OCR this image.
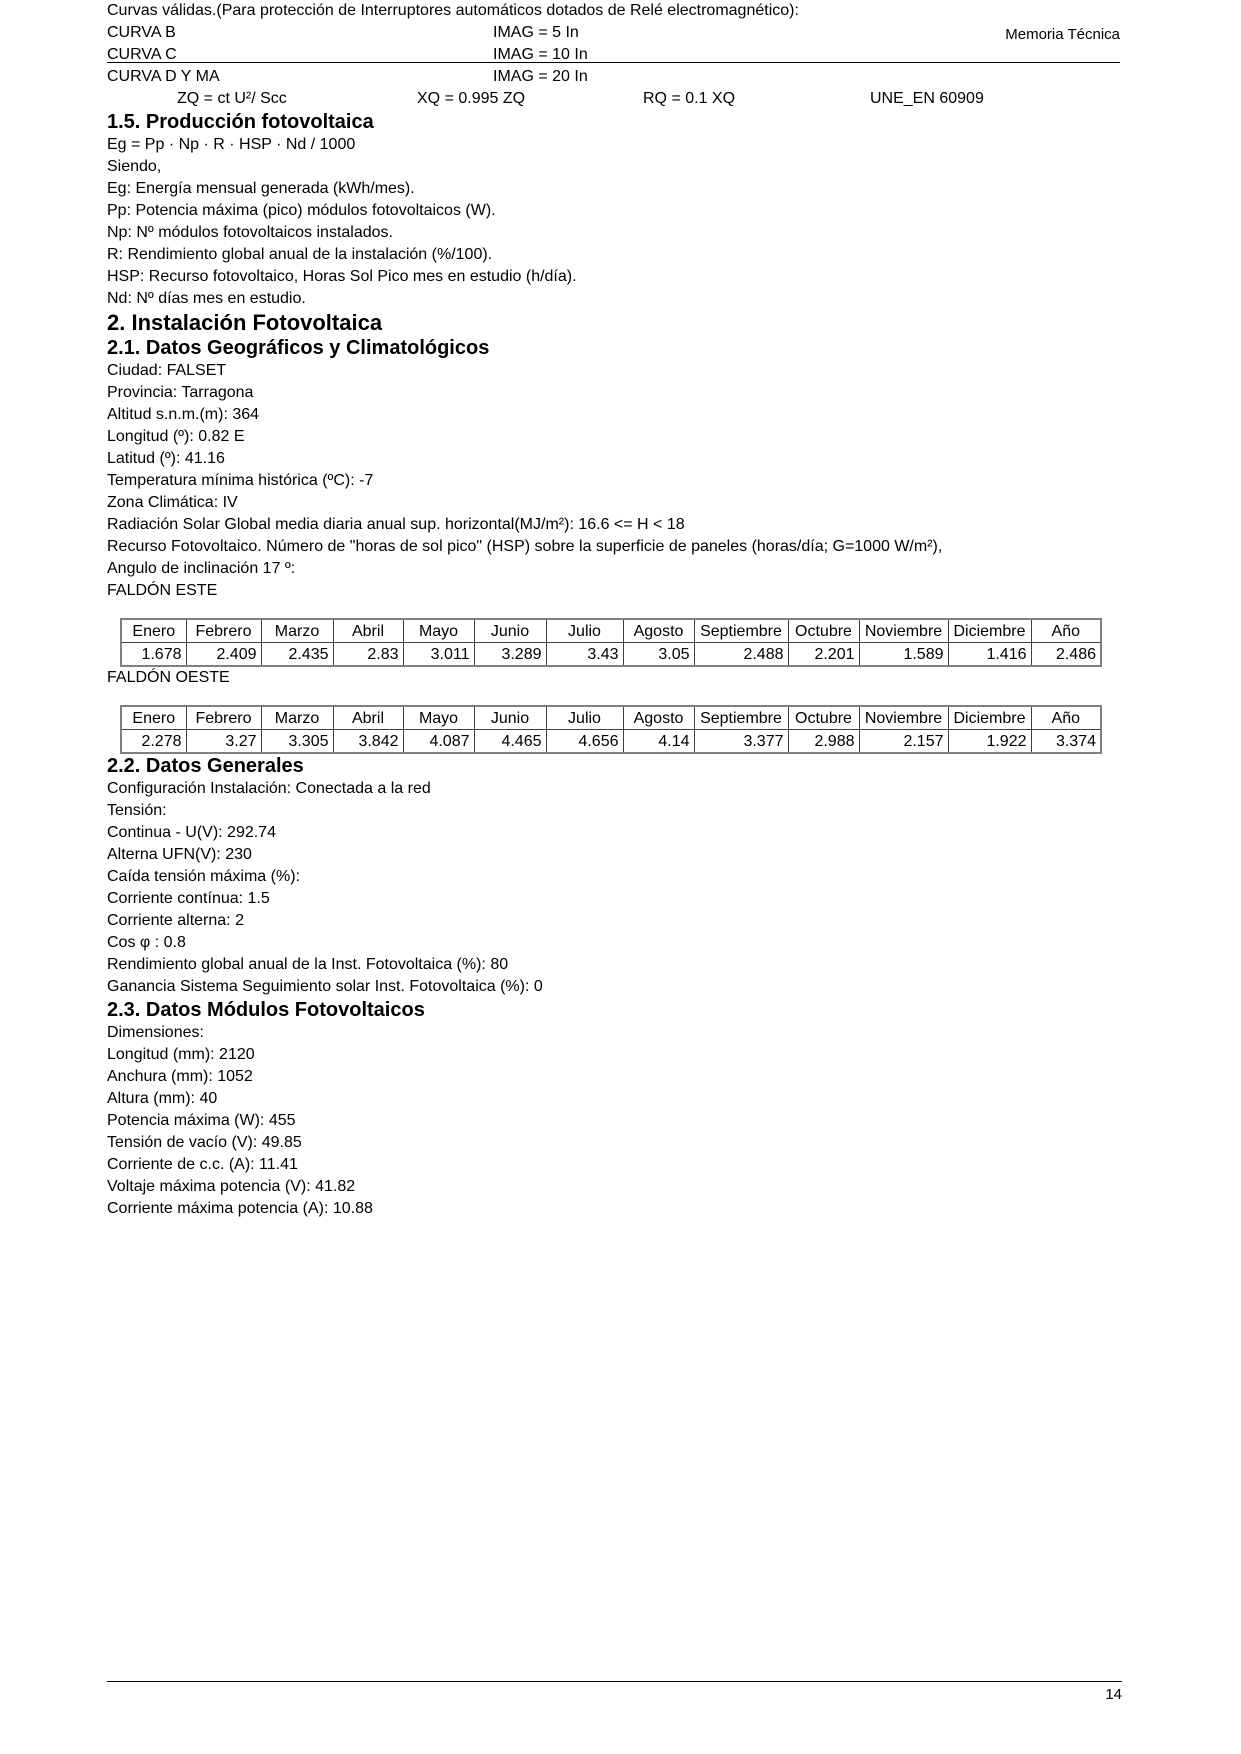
Memoria Técnica

Curvas válidas.(Para protección de Interruptores automáticos dotados de Relé electromagnético):

CURVA B	IMAG = 5 In
CURVA C	IMAG = 10 In
CURVA D Y MA	IMAG = 20 In
ZQ = ct U²/ Scc	XQ = 0.995 ZQ	RQ = 0.1 XQ	UNE_EN 60909
1.5. Producción fotovoltaica

Eg = Pp · Np · R · HSP · Nd / 1000

Siendo,
Eg: Energía mensual generada (kWh/mes).
Pp: Potencia máxima (pico) módulos fotovoltaicos (W).
Np: Nº módulos fotovoltaicos instalados.
R: Rendimiento global anual de la instalación (%/100).
HSP: Recurso fotovoltaico, Horas Sol Pico mes en estudio (h/día).
Nd: Nº días mes en estudio.
2. Instalación Fotovoltaica
2.1. Datos Geográficos y Climatológicos
Ciudad: FALSET
Provincia: Tarragona
Altitud s.n.m.(m): 364
Longitud (º): 0.82 E
Latitud (º): 41.16
Temperatura mínima histórica (ºC): -7
Zona Climática: IV
Radiación Solar Global media diaria anual sup. horizontal(MJ/m²): 16.6 <= H < 18
Recurso Fotovoltaico. Número de "horas de sol pico" (HSP) sobre la superficie de paneles (horas/día; G=1000 W/m²),
Angulo de inclinación 17 º:
FALDÓN ESTE
Enero	Febrero	Marzo	Abril	Mayo	Junio	Julio	Agosto	Septiembre	Octubre	Noviembre	Diciembre	Año
1.678	2.409	2.435	2.83	3.011	3.289	3.43	3.05	2.488	2.201	1.589	1.416	2.486
FALDÓN OESTE
Enero	Febrero	Marzo	Abril	Mayo	Junio	Julio	Agosto	Septiembre	Octubre	Noviembre	Diciembre	Año
2.278	3.27	3.305	3.842	4.087	4.465	4.656	4.14	3.377	2.988	2.157	1.922	3.374
2.2. Datos Generales
Configuración Instalación: Conectada a la red
Tensión:
Continua - U(V): 292.74
Alterna UFN(V): 230
Caída tensión máxima (%):
Corriente contínua: 1.5
Corriente alterna: 2
Cos φ : 0.8
Rendimiento global anual de la Inst. Fotovoltaica (%): 80
Ganancia Sistema Seguimiento solar Inst. Fotovoltaica (%): 0
2.3. Datos Módulos Fotovoltaicos
Dimensiones:
Longitud (mm): 2120
Anchura (mm): 1052
Altura (mm): 40
Potencia máxima (W): 455
Tensión de vacío (V): 49.85
Corriente de c.c. (A): 11.41
Voltaje máxima potencia (V): 41.82
Corriente máxima potencia (A): 10.88
14
